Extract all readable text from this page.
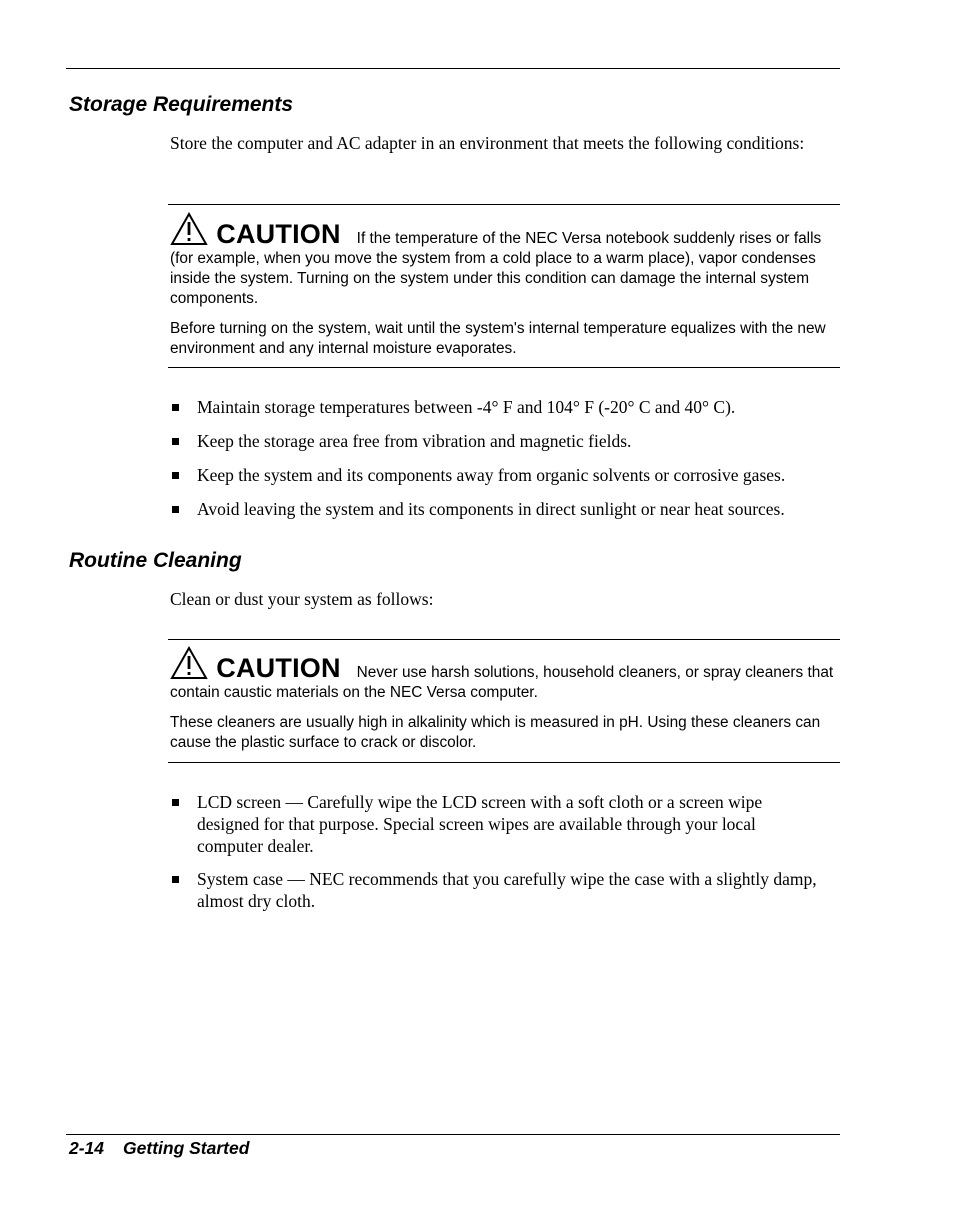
Storage Requirements

Store the computer and AC adapter in an environment that meets the following conditions:

CAUTION If the temperature of the NEC Versa notebook suddenly rises or falls (for example, when you move the system from a cold place to a warm place), vapor condenses inside the system. Turning on the system under this condition can damage the internal system components.

Before turning on the system, wait until the system's internal temperature equalizes with the new environment and any internal moisture evaporates.

Maintain storage temperatures between -4° F and 104° F (-20° C and 40° C).
Keep the storage area free from vibration and magnetic fields.
Keep the system and its components away from organic solvents or corrosive gases.
Avoid leaving the system and its components in direct sunlight or near heat sources.
Routine Cleaning

Clean or dust your system as follows:

CAUTION Never use harsh solutions, household cleaners, or spray cleaners that contain caustic materials on the NEC Versa computer.

These cleaners are usually high in alkalinity which is measured in pH. Using these cleaners can cause the plastic surface to crack or discolor.

LCD screen — Carefully wipe the LCD screen with a soft cloth or a screen wipe designed for that purpose. Special screen wipes are available through your local computer dealer.
System case — NEC recommends that you carefully wipe the case with a slightly damp, almost dry cloth.
2-14 Getting Started
